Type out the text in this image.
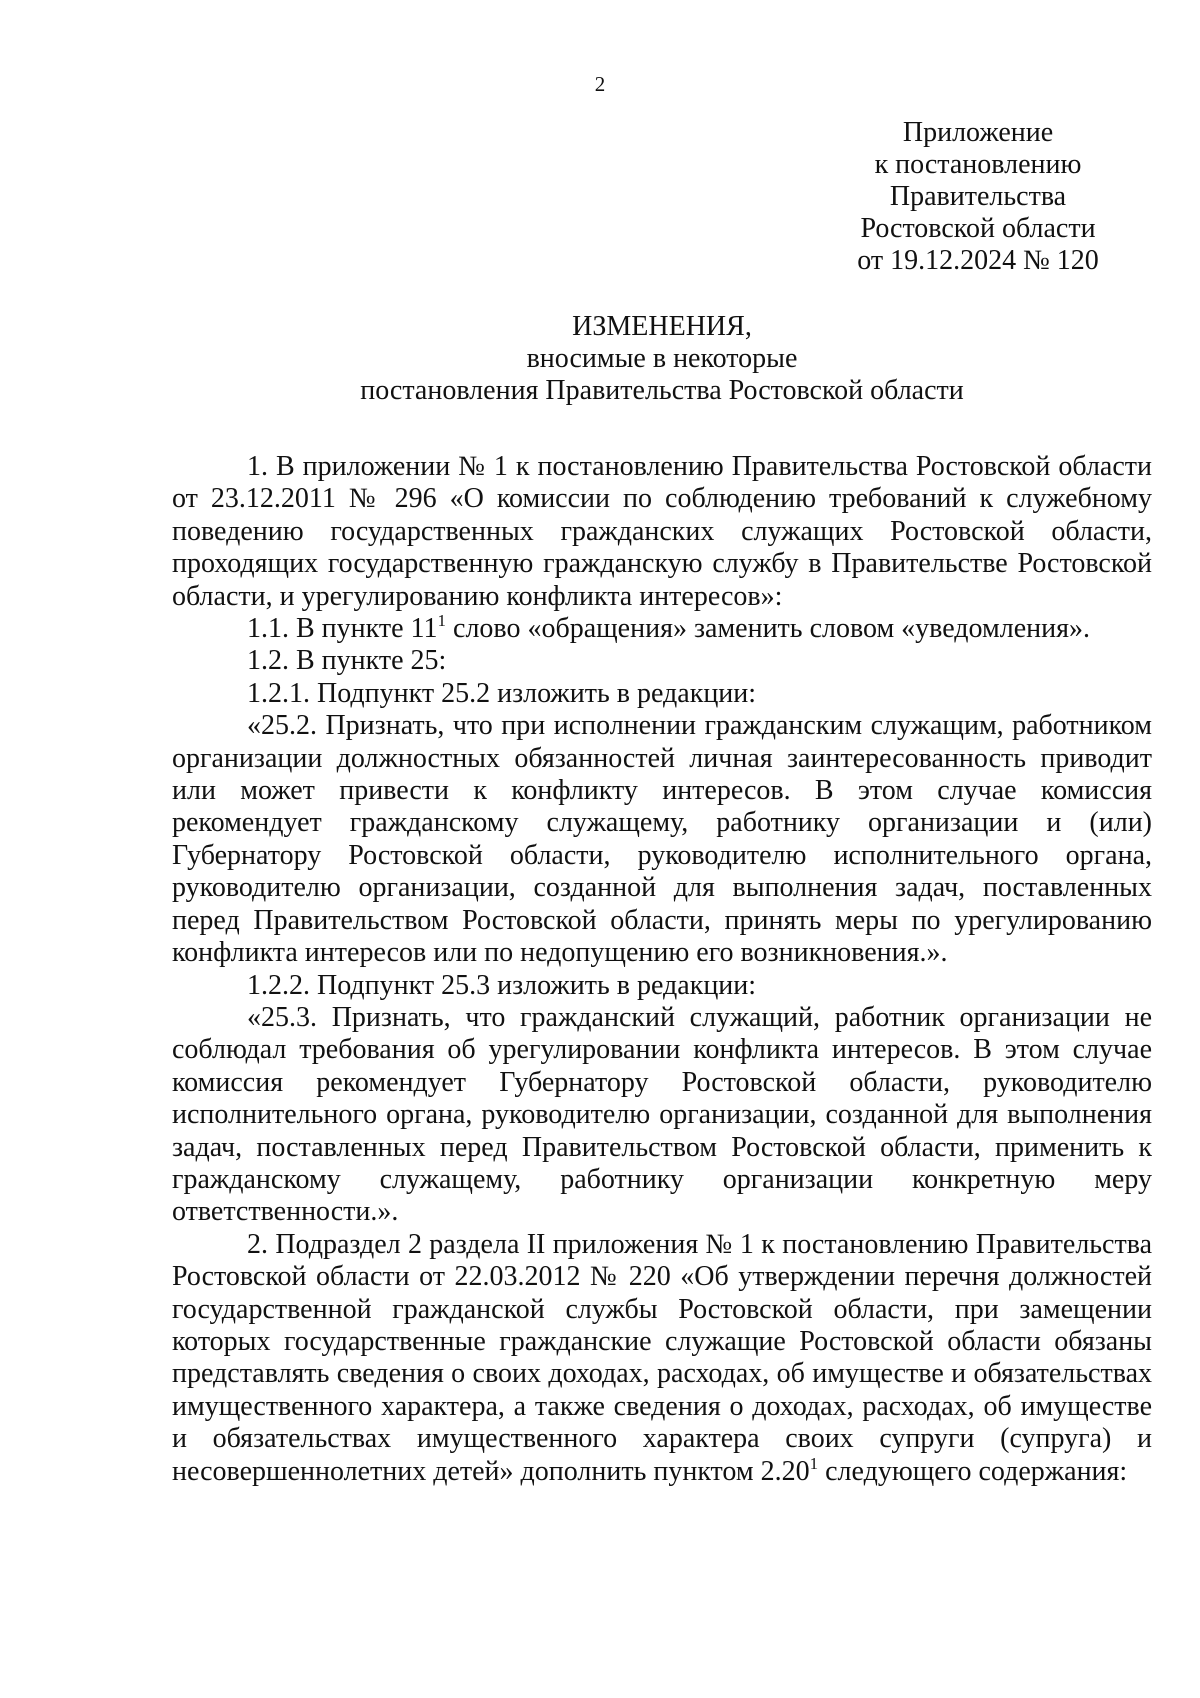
2
Приложение
к постановлению
Правительства
Ростовской области
от 19.12.2024 № 120
ИЗМЕНЕНИЯ,
вносимые в некоторые
постановления Правительства Ростовской области

1. В приложении № 1 к постановлению Правительства Ростовской области от 23.12.2011 № 296 «О комиссии по соблюдению требований к служебному поведению государственных гражданских служащих Ростовской области, проходящих государственную гражданскую службу в Правительстве Ростовской области, и урегулированию конфликта интересов»:

1.1. В пункте $11^1$ слово «обращения» заменить словом «уведомления».

1.2. В пункте 25:

1.2.1. Подпункт 25.2 изложить в редакции:

«25.2. Признать, что при исполнении гражданским служащим, работником организации должностных обязанностей личная заинтересованность приводит или может привести к конфликту интересов. В этом случае комиссия рекомендует гражданскому служащему, работнику организации и (или) Губернатору Ростовской области, руководителю исполнительного органа, руководителю организации, созданной для выполнения задач, поставленных перед Правительством Ростовской области, принять меры по урегулированию конфликта интересов или по недопущению его возникновения.».

1.2.2. Подпункт 25.3 изложить в редакции:

«25.3. Признать, что гражданский служащий, работник организации не соблюдал требования об урегулировании конфликта интересов. В этом случае комиссия рекомендует Губернатору Ростовской области, руководителю исполнительного органа, руководителю организации, созданной для выполнения задач, поставленных перед Правительством Ростовской области, применить к гражданскому служащему, работнику организации конкретную меру ответственности.».

2. Подраздел 2 раздела II приложения № 1 к постановлению Правительства Ростовской области от 22.03.2012 № 220 «Об утверждении перечня должностей государственной гражданской службы Ростовской области, при замещении которых государственные гражданские служащие Ростовской области обязаны представлять сведения о своих доходах, расходах, об имуществе и обязательствах имущественного характера, а также сведения о доходах, расходах, об имуществе и обязательствах имущественного характера своих супруги (супруга) и несовершеннолетних детей» дополнить пунктом 2.20$^1$ следующего содержания:
